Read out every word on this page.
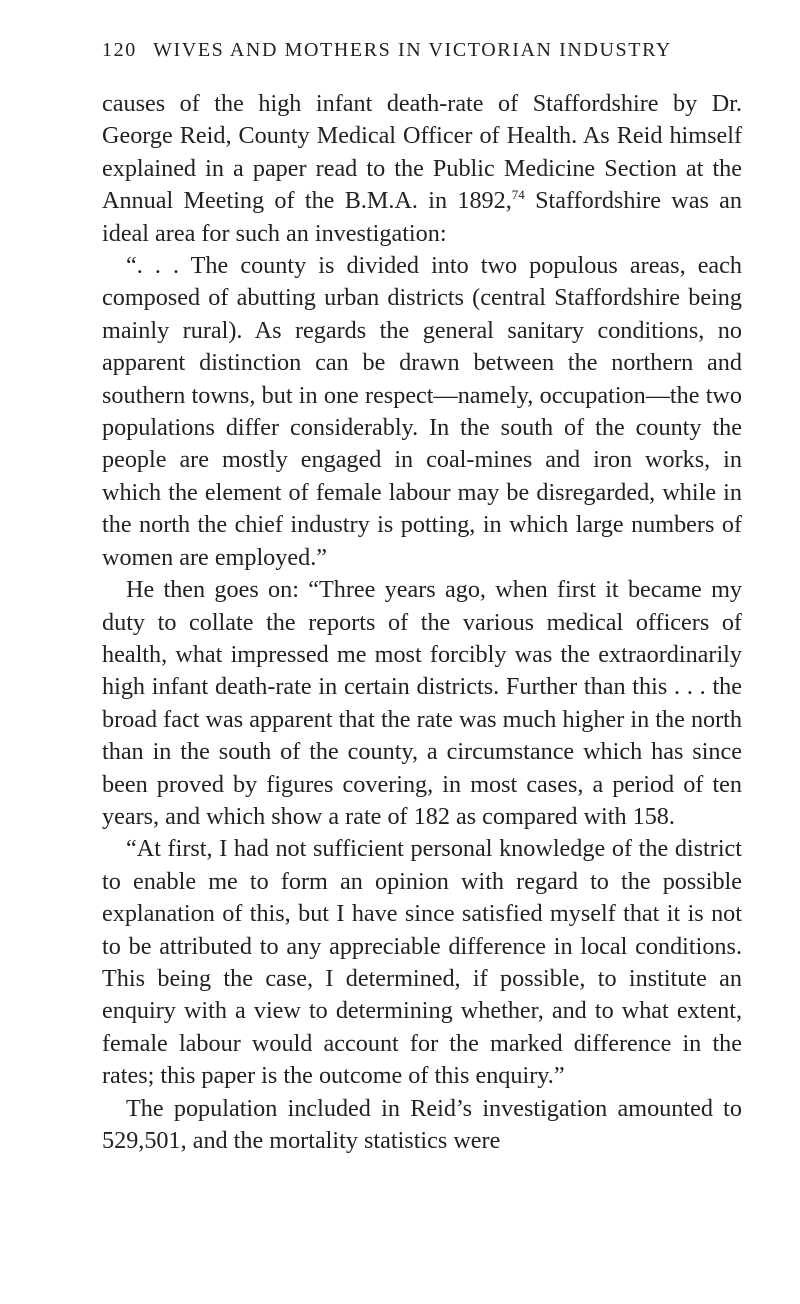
120 WIVES AND MOTHERS IN VICTORIAN INDUSTRY

causes of the high infant death-rate of Staffordshire by Dr. George Reid, County Medical Officer of Health. As Reid himself explained in a paper read to the Public Medicine Section at the Annual Meeting of the B.M.A. in 1892,74 Staffordshire was an ideal area for such an investigation:

“. . . The county is divided into two populous areas, each composed of abutting urban districts (central Staffordshire being mainly rural). As regards the general sanitary conditions, no apparent distinction can be drawn between the northern and southern towns, but in one respect—namely, occupation—the two populations differ considerably. In the south of the county the people are mostly engaged in coal-mines and iron works, in which the element of female labour may be disregarded, while in the north the chief industry is potting, in which large numbers of women are employed.”

He then goes on: “Three years ago, when first it became my duty to collate the reports of the various medical officers of health, what impressed me most forcibly was the extraordinarily high infant death-rate in certain districts. Further than this . . . the broad fact was apparent that the rate was much higher in the north than in the south of the county, a circumstance which has since been proved by figures covering, in most cases, a period of ten years, and which show a rate of 182 as compared with 158.

“At first, I had not sufficient personal knowledge of the district to enable me to form an opinion with regard to the possible explanation of this, but I have since satisfied myself that it is not to be attributed to any appreciable difference in local conditions. This being the case, I determined, if possible, to institute an enquiry with a view to determining whether, and to what extent, female labour would account for the marked difference in the rates; this paper is the outcome of this enquiry.”

The population included in Reid’s investigation amounted to 529,501, and the mortality statistics were
